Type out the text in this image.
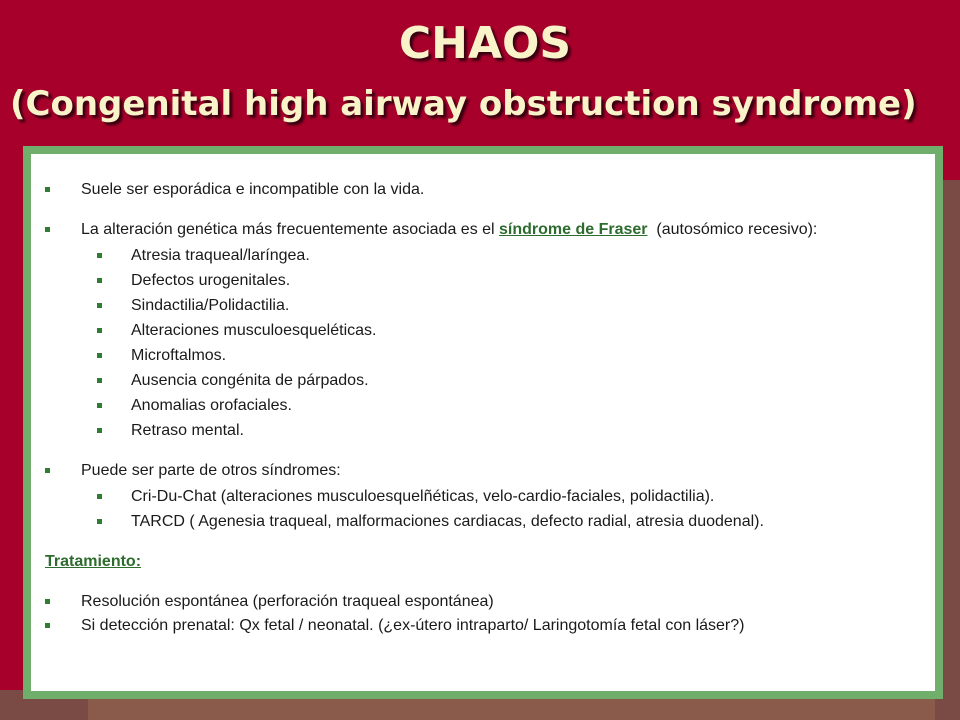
CHAOS
(Congenital high airway obstruction syndrome)
Suele ser esporádica e incompatible con la vida.
La alteración genética más frecuentemente asociada es el síndrome de Fraser  (autosómico recesivo):
Atresia traqueal/laríngea.
Defectos urogenitales.
Sindactilia/Polidactilia.
Alteraciones musculoesqueléticas.
Microftalmos.
Ausencia congénita de párpados.
Anomalias orofaciales.
Retraso mental.
Puede ser parte de otros síndromes:
Cri-Du-Chat (alteraciones musculoesquelñéticas, velo-cardio-faciales, polidactilia).
TARCD ( Agenesia traqueal, malformaciones cardiacas, defecto radial, atresia duodenal).
Tratamiento:
Resolución espontánea (perforación traqueal espontánea)
Si detección prenatal: Qx fetal / neonatal. (¿ex-útero intraparto/ Laringotomía fetal con láser?)
